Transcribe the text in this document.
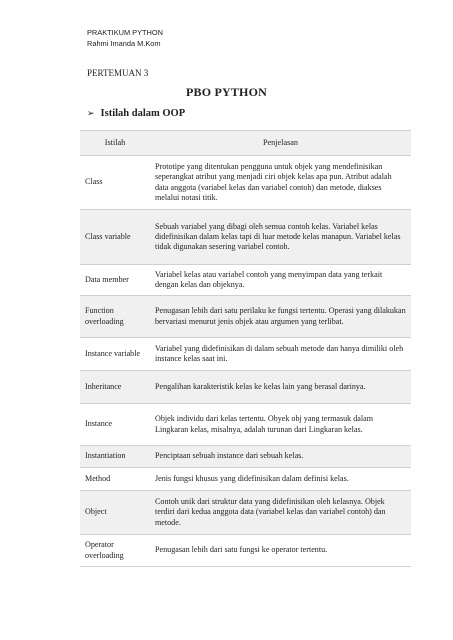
PRAKTIKUM PYTHON
Rahmi Imanda M.Kom
PERTEMUAN 3
PBO PYTHON
➢ Istilah dalam OOP
Istilah	Penjelasan
Class	Prototipe yang ditentukan pengguna untuk objek yang mendefinisikan seperangkat atribut yang menjadi ciri objek kelas apa pun. Atribut adalah data anggota (variabel kelas dan variabel contoh) dan metode, diakses melalui notasi titik.
Class variable	Sebuah variabel yang dibagi oleh semua contoh kelas. Variabel kelas didefinisikan dalam kelas tapi di luar metode kelas manapun. Variabel kelas tidak digunakan sesering variabel contoh.
Data member	Variabel kelas atau variabel contoh yang menyimpan data yang terkait dengan kelas dan objeknya.
Function overloading	Penugasan lebih dari satu perilaku ke fungsi tertentu. Operasi yang dilakukan bervariasi menurut jenis objek atau argumen yang terlibat.
Instance variable	Variabel yang didefinisikan di dalam sebuah metode dan hanya dimiliki oleh instance kelas saat ini.
Inheritance	Pengalihan karakteristik kelas ke kelas lain yang berasal darinya.
Instance	Objek individu dari kelas tertentu. Obyek obj yang termasuk dalam Lingkaran kelas, misalnya, adalah turunan dari Lingkaran kelas.
Instantiation	Penciptaan sebuah instance dari sebuah kelas.
Method	Jenis fungsi khusus yang didefinisikan dalam definisi kelas.
Object	Contoh unik dari struktur data yang didefinisikan oleh kelasnya. Objek terdiri dari kedua anggota data (variabel kelas dan variabel contoh) dan metode.
Operator overloading	Penugasan lebih dari satu fungsi ke operator tertentu.
